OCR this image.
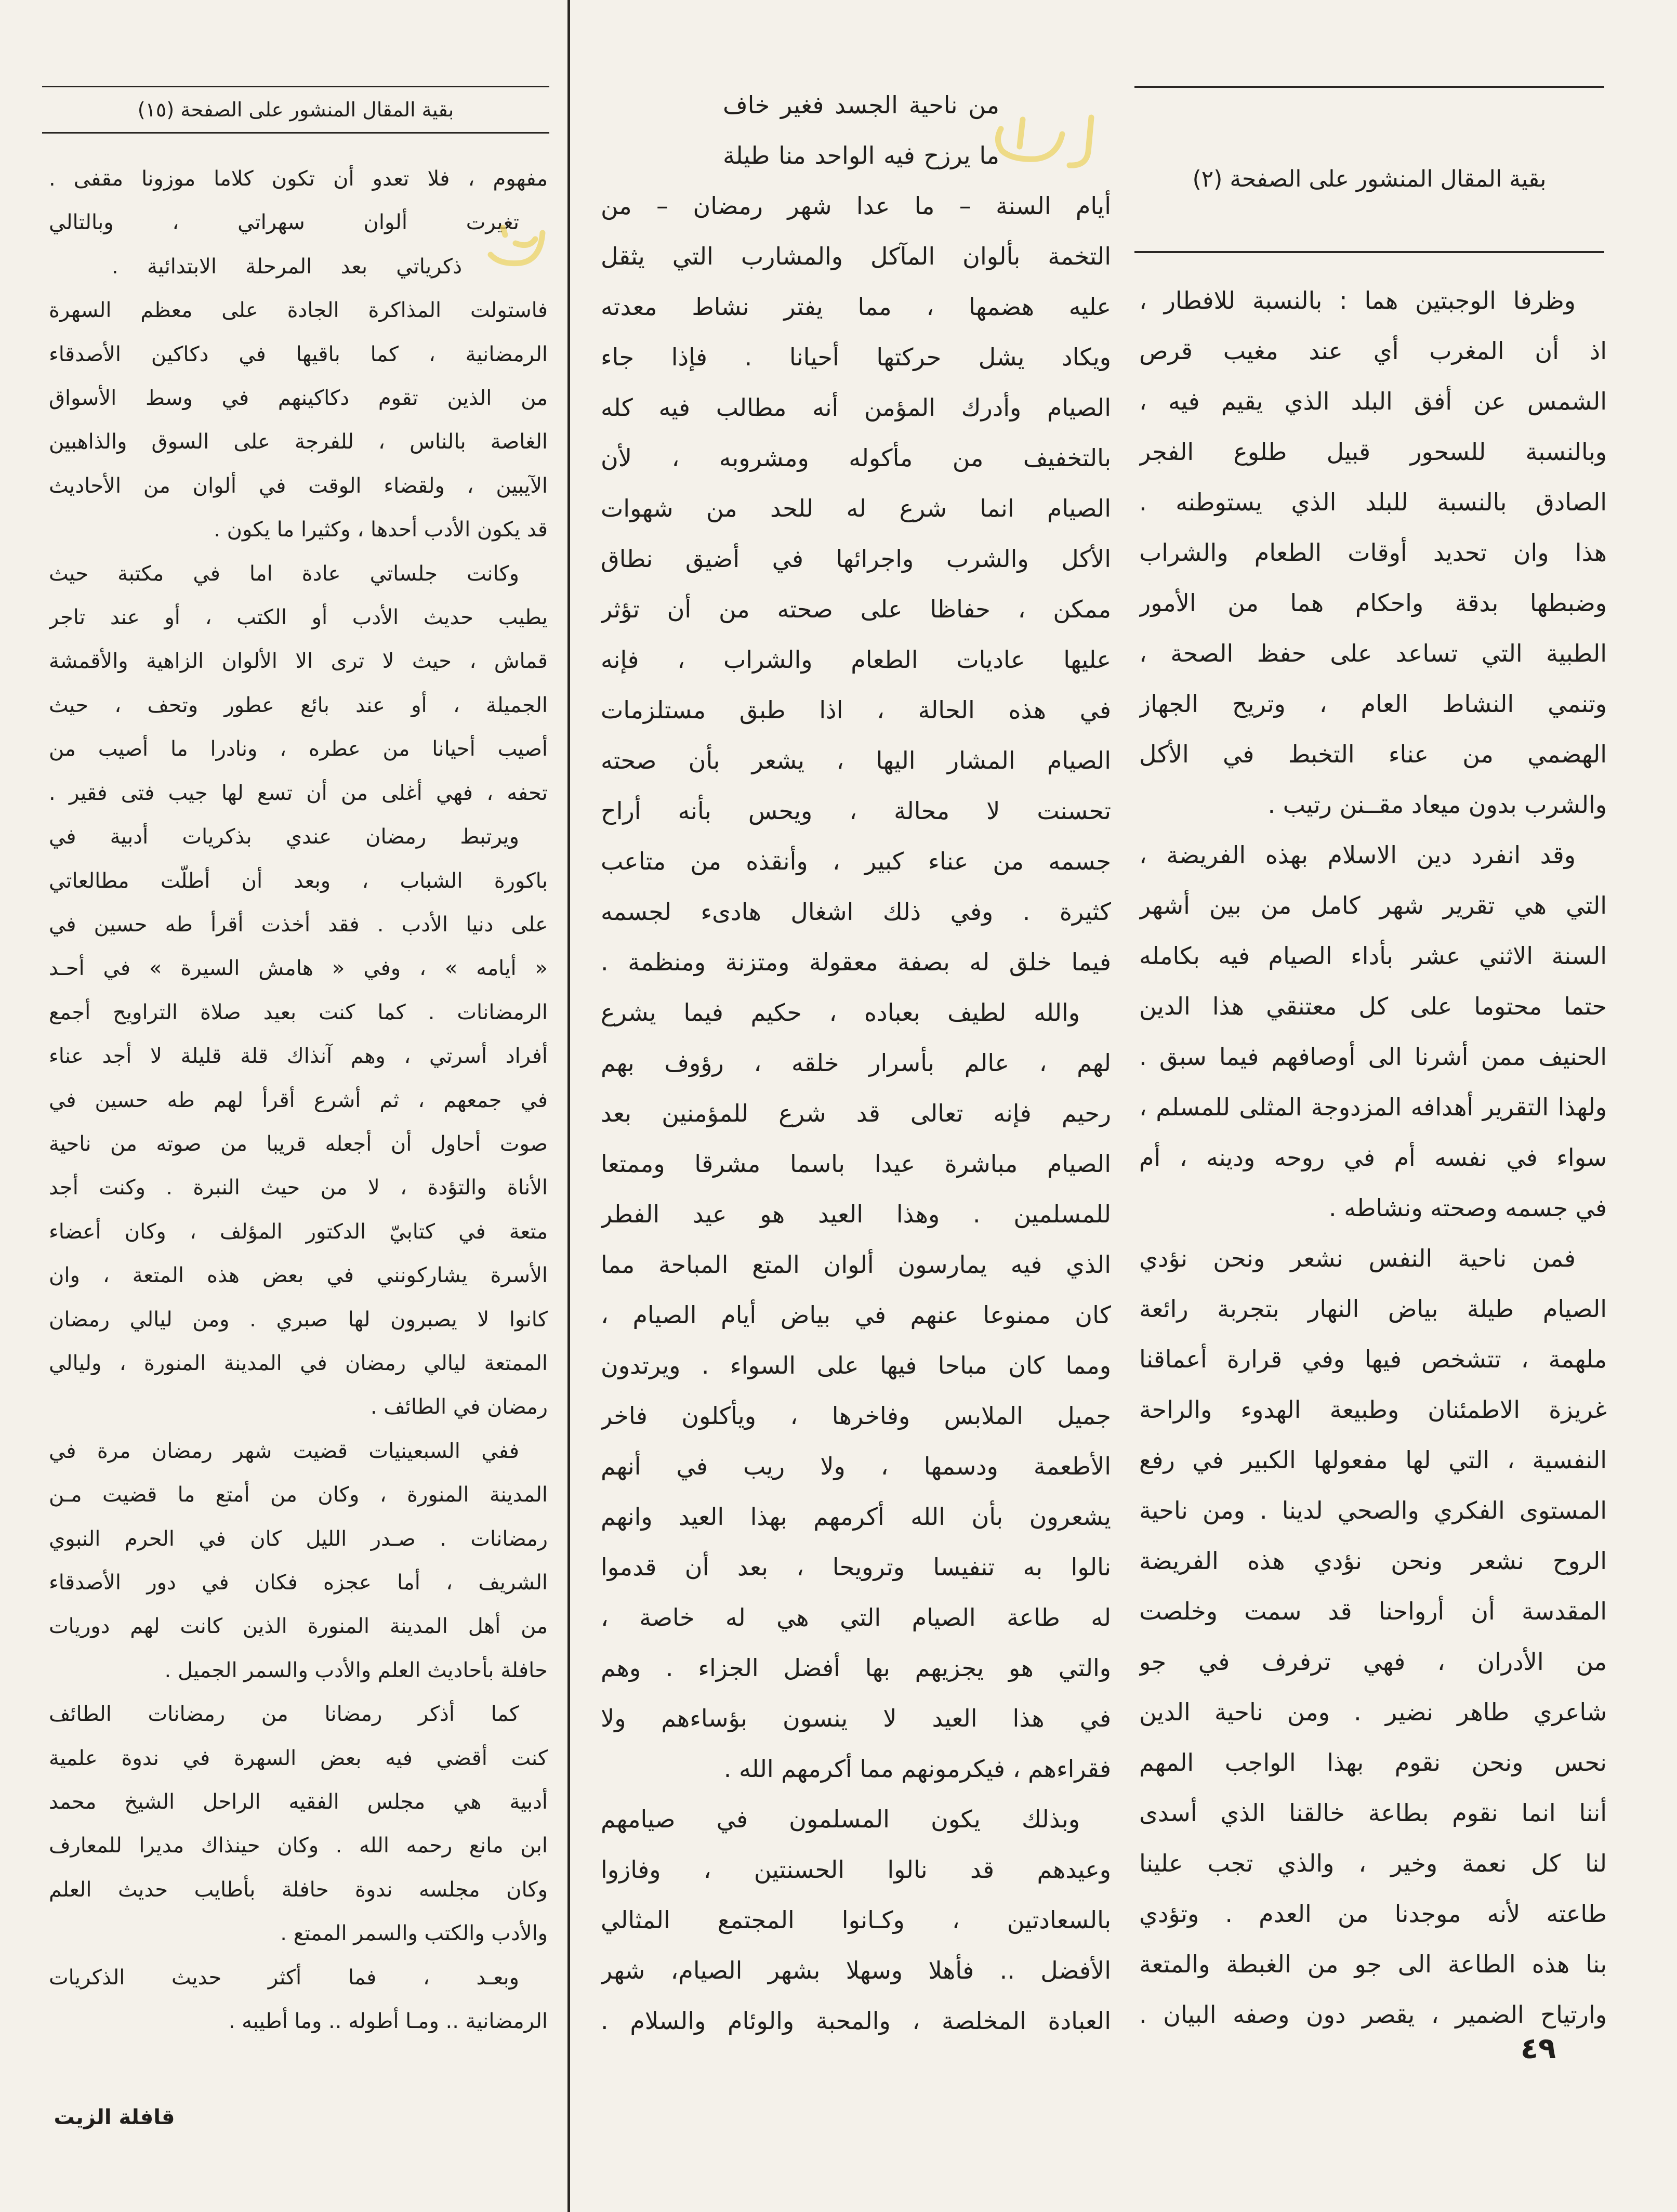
بقية المقال المنشور على الصفحة (٢)
وظرفا الوجبتين هما : بالنسبة للافطار ،
اذ أن المغرب أي عند مغيب قرص
الشمس عن أفق البلد الذي يقيم فيه ،
وبالنسبة للسحور قبيل طلوع الفجر
الصادق بالنسبة للبلد الذي يستوطنه .
هذا وان تحديد أوقات الطعام والشراب
وضبطها بدقة واحكام هما من الأمور
الطبية التي تساعد على حفظ الصحة ،
وتنمي النشاط العام ، وتريح الجهاز
الهضمي من عناء التخبط في الأكل
والشرب بدون ميعاد مقــنن رتيب .
وقد انفرد دين الاسلام بهذه الفريضة ،
التي هي تقرير شهر كامل من بين أشهر
السنة الاثني عشر بأداء الصيام فيه بكامله
حتما محتوما على كل معتنقي هذا الدين
الحنيف ممن أشرنا الى أوصافهم فيما سبق .
ولهذا التقرير أهدافه المزدوجة المثلى للمسلم ،
سواء في نفسه أم في روحه ودينه ، أم
في جسمه وصحته ونشاطه .
فمن ناحية النفس نشعر ونحن نؤدي
الصيام طيلة بياض النهار بتجربة رائعة
ملهمة ، تتشخص فيها وفي قرارة أعماقنا
غريزة الاطمئنان وطبيعة الهدوء والراحة
النفسية ، التي لها مفعولها الكبير في رفع
المستوى الفكري والصحي لدينا . ومن ناحية
الروح نشعر ونحن نؤدي هذه الفريضة
المقدسة أن أرواحنا قد سمت وخلصت
من الأدران ، فهي ترفرف في جو
شاعري طاهر نضير . ومن ناحية الدين
نحس ونحن نقوم بهذا الواجب المهم
أننا انما نقوم بطاعة خالقنا الذي أسدى
لنا كل نعمة وخير ، والذي تجب علينا
طاعته لأنه موجدنا من العدم . وتؤدي
بنا هذه الطاعة الى جو من الغبطة والمتعة
وارتياح الضمير ، يقصر دون وصفه البيان .
من ناحية الجسد فغير خاف
ما يرزح فيه الواحد منا طيلة
أيام السنة – ما عدا شهر رمضان – من
التخمة بألوان المآكل والمشارب التي يثقل
عليه هضمها ، مما يفتر نشاط معدته
ويكاد يشل حركتها أحيانا . فإذا جاء
الصيام وأدرك المؤمن أنه مطالب فيه كله
بالتخفيف من مأكوله ومشروبه ، لأن
الصيام انما شرع له للحد من شهوات
الأكل والشرب واجرائها في أضيق نطاق
ممكن ، حفاظا على صحته من أن تؤثر
عليها عاديات الطعام والشراب ، فإنه
في هذه الحالة ، اذا طبق مستلزمات
الصيام المشار اليها ، يشعر بأن صحته
تحسنت لا محالة ، ويحس بأنه أراح
جسمه من عناء كبير ، وأنقذه من متاعب
كثيرة . وفي ذلك اشغال هادىء لجسمه
فيما خلق له بصفة معقولة ومتزنة ومنظمة .
والله لطيف بعباده ، حكيم فيما يشرع
لهم ، عالم بأسرار خلقه ، رؤوف بهم
رحيم فإنه تعالى قد شرع للمؤمنين بعد
الصيام مباشرة عيدا باسما مشرقا وممتعا
للمسلمين . وهذا العيد هو عيد الفطر
الذي فيه يمارسون ألوان المتع المباحة مما
كان ممنوعا عنهم في بياض أيام الصيام ،
ومما كان مباحا فيها على السواء . ويرتدون
جميل الملابس وفاخرها ، ويأكلون فاخر
الأطعمة ودسمها ، ولا ريب في أنهم
يشعرون بأن الله أكرمهم بهذا العيد وانهم
نالوا به تنفيسا وترويحا ، بعد أن قدموا
له طاعة الصيام التي هي له خاصة ،
والتي هو يجزيهم بها أفضل الجزاء . وهم
في هذا العيد لا ينسون بؤساءهم ولا
فقراءهم ، فيكرمونهم مما أكرمهم الله .
وبذلك يكون المسلمون في صيامهم
وعيدهم قد نالوا الحسنتين ، وفازوا
بالسعادتين ، وكـانوا المجتمع المثالي
الأفضل .. فأهلا وسهلا بشهر الصيام، شهر
العبادة المخلصة ، والمحبة والوئام والسلام .
بقية المقال المنشور على الصفحة (١٥)
مفهوم ، فلا تعدو أن تكون كلاما موزونا مقفى .
تغيرت ألوان سهراتي ، وبالتالي
ذكرياتي بعد المرحلة الابتدائية .
فاستولت المذاكرة الجادة على معظم السهرة
الرمضانية ، كما باقيها في دكاكين الأصدقاء
من الذين تقوم دكاكينهم في وسط الأسواق
الغاصة بالناس ، للفرجة على السوق والذاهبين
الآيبين ، ولقضاء الوقت في ألوان من الأحاديث
قد يكون الأدب أحدها ، وكثيرا ما يكون .
وكانت جلساتي عادة اما في مكتبة حيث
يطيب حديث الأدب أو الكتب ، أو عند تاجر
قماش ، حيث لا ترى الا الألوان الزاهية والأقمشة
الجميلة ، أو عند بائع عطور وتحف ، حيث
أصيب أحيانا من عطره ، ونادرا ما أصيب من
تحفه ، فهي أغلى من أن تسع لها جيب فتى فقير .
ويرتبط رمضان عندي بذكريات أدبية في
باكورة الشباب ، وبعد أن أطلّت مطالعاتي
على دنيا الأدب . فقد أخذت أقرأ طه حسين في
« أيامه » ، وفي « هامش السيرة » في أحـد
الرمضانات . كما كنت بعيد صلاة التراويح أجمع
أفراد أسرتي ، وهم آنذاك قلة قليلة لا أجد عناء
في جمعهم ، ثم أشرع أقرأ لهم طه حسين في
صوت أحاول أن أجعله قريبا من صوته من ناحية
الأناة والتؤدة ، لا من حيث النبرة . وكنت أجد
متعة في كتابيّ الدكتور المؤلف ، وكان أعضاء
الأسرة يشاركونني في بعض هذه المتعة ، وان
كانوا لا يصبرون لها صبري . ومن ليالي رمضان
الممتعة ليالي رمضان في المدينة المنورة ، وليالي
رمضان في الطائف .
ففي السبعينيات قضيت شهر رمضان مرة في
المدينة المنورة ، وكان من أمتع ما قضيت مـن
رمضانات . صـدر الليل كان في الحرم النبوي
الشريف ، أما عجزه فكان في دور الأصدقاء
من أهل المدينة المنورة الذين كانت لهم دوريات
حافلة بأحاديث العلم والأدب والسمر الجميل .
كما أذكر رمضانا من رمضانات الطائف
كنت أقضي فيه بعض السهرة في ندوة علمية
أدبية هي مجلس الفقيه الراحل الشيخ محمد
ابن مانع رحمه الله . وكان حينذاك مديرا للمعارف
وكان مجلسه ندوة حافلة بأطايب حديث العلم
والأدب والكتب والسمر الممتع .
وبعـد ، فما أكثر حديث الذكريات
الرمضانية .. ومـا أطوله .. وما أطيبه .
٤٩
قافلة الزيت
